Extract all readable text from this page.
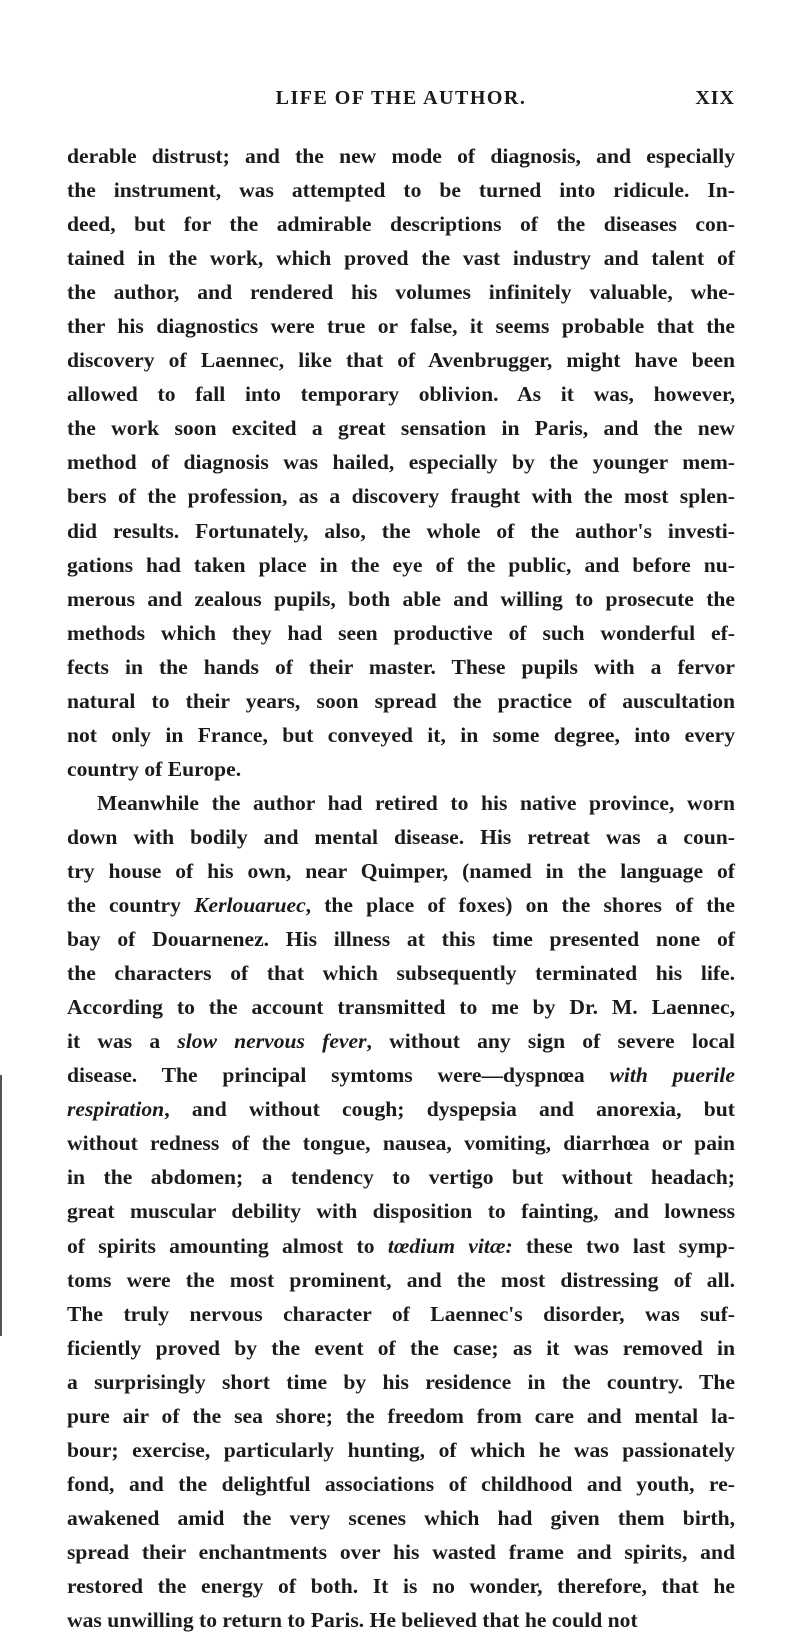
LIFE OF THE AUTHOR.	XIX
derable distrust; and the new mode of diagnosis, and especially
the instrument, was attempted to be turned into ridicule. In-
deed, but for the admirable descriptions of the diseases con-
tained in the work, which proved the vast industry and talent of
the author, and rendered his volumes infinitely valuable, whe-
ther his diagnostics were true or false, it seems probable that the
discovery of Laennec, like that of Avenbrugger, might have been
allowed to fall into temporary oblivion. As it was, however,
the work soon excited a great sensation in Paris, and the new
method of diagnosis was hailed, especially by the younger mem-
bers of the profession, as a discovery fraught with the most splen-
did results. Fortunately, also, the whole of the author's investi-
gations had taken place in the eye of the public, and before nu-
merous and zealous pupils, both able and willing to prosecute the
methods which they had seen productive of such wonderful ef-
fects in the hands of their master. These pupils with a fervor
natural to their years, soon spread the practice of auscultation
not only in France, but conveyed it, in some degree, into every
country of Europe.
Meanwhile the author had retired to his native province, worn
down with bodily and mental disease. His retreat was a coun-
try house of his own, near Quimper, (named in the language of
the country Kerlouaruec, the place of foxes) on the shores of the
bay of Douarnenez. His illness at this time presented none of
the characters of that which subsequently terminated his life.
According to the account transmitted to me by Dr. M. Laennec,
it was a slow nervous fever, without any sign of severe local
disease. The principal symtoms were—dyspnœa with puerile
respiration, and without cough; dyspepsia and anorexia, but
without redness of the tongue, nausea, vomiting, diarrhœa or pain
in the abdomen; a tendency to vertigo but without headach;
great muscular debility with disposition to fainting, and lowness
of spirits amounting almost to tœdium vitæ: these two last symp-
toms were the most prominent, and the most distressing of all.
The truly nervous character of Laennec's disorder, was suf-
ficiently proved by the event of the case; as it was removed in
a surprisingly short time by his residence in the country. The
pure air of the sea shore; the freedom from care and mental la-
bour; exercise, particularly hunting, of which he was passionately
fond, and the delightful associations of childhood and youth, re-
awakened amid the very scenes which had given them birth,
spread their enchantments over his wasted frame and spirits, and
restored the energy of both. It is no wonder, therefore, that he
was unwilling to return to Paris. He believed that he could not
